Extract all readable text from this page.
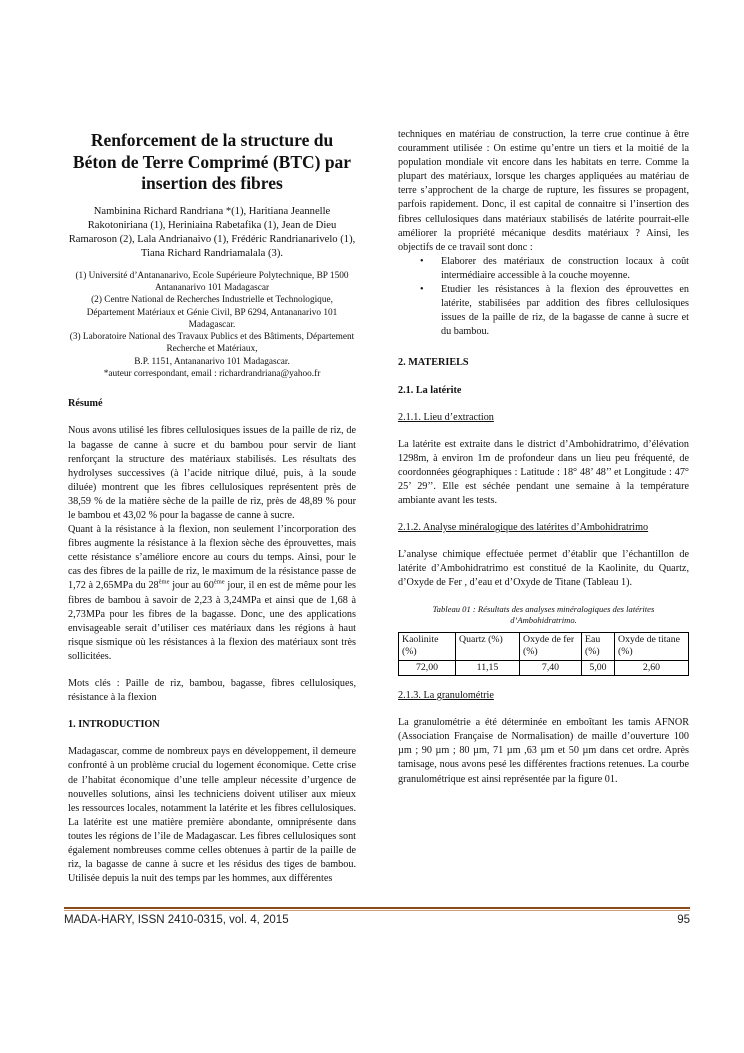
Renforcement de la structure du Béton de Terre Comprimé (BTC) par insertion des fibres

Nambinina Richard Randriana *(1), Haritiana Jeannelle Rakotoniriana (1), Heriniaina Rabetafika (1), Jean de Dieu Ramaroson (2), Lala Andrianaivo (1), Frédéric Randrianarivelo (1), Tiana Richard Randriamalala (3).

(1) Université d’Antananarivo, Ecole Supérieure Polytechnique, BP 1500 Antananarivo 101 Madagascar

(2) Centre National de Recherches Industrielle et Technologique, Département Matériaux et Génie Civil, BP 6294, Antananarivo 101 Madagascar.

(3) Laboratoire National des Travaux Publics et des Bâtiments, Département Recherche et Matériaux,

B.P. 1151, Antananarivo 101 Madagascar.

*auteur correspondant, email : richardrandriana@yahoo.fr

Résumé

Nous avons utilisé les fibres cellulosiques issues de la paille de riz, de la bagasse de canne à sucre et du bambou pour servir de liant renforçant la structure des matériaux stabilisés. Les résultats des hydrolyses successives (à l’acide nitrique dilué, puis, à la soude diluée) montrent que les fibres cellulosiques représentent près de 38,59 % de la matière sèche de la paille de riz, près de 48,89 % pour le bambou et 43,02 % pour la bagasse de canne à sucre.

Quant à la résistance à la flexion, non seulement l’incorporation des fibres augmente la résistance à la flexion sèche des éprouvettes, mais cette résistance s’améliore encore au cours du temps. Ainsi, pour le cas des fibres de la paille de riz, le maximum de la résistance passe de 1,72 à 2,65MPa du 28ème jour au 60ème jour, il en est de même pour les fibres de bambou à savoir de 2,23 à 3,24MPa et ainsi que de 1,68 à 2,73MPa pour les fibres de la bagasse. Donc, une des applications envisageable serait d’utiliser ces matériaux dans les régions à haut risque sismique où les résistances à la flexion des matériaux sont très sollicitées.

Mots clés : Paille de riz, bambou, bagasse, fibres cellulosiques, résistance à la flexion

1. INTRODUCTION

Madagascar, comme de nombreux pays en développement, il demeure confronté à un problème crucial du logement économique. Cette crise de l’habitat économique d’une telle ampleur nécessite d’urgence de nouvelles solutions, ainsi les techniciens doivent utiliser aux mieux les ressources locales, notamment la latérite et les fibres cellulosiques. La latérite est une matière première abondante, omniprésente dans toutes les régions de l’ile de Madagascar. Les fibres cellulosiques sont également nombreuses comme celles obtenues à partir de la paille de riz, la bagasse de canne à sucre et les résidus des tiges de bambou. Utilisée depuis la nuit des temps par les hommes, aux différentes

techniques en matériau de construction, la terre crue continue à être couramment utilisée : On estime qu’entre un tiers et la moitié de la population mondiale vit encore dans les habitats en terre. Comme la plupart des matériaux, lorsque les charges appliquées au matériau de terre s’approchent de la charge de rupture, les fissures se propagent, parfois rapidement. Donc, il est capital de connaitre si l’insertion des fibres cellulosiques dans matériaux stabilisés de latérite pourrait-elle améliorer la propriété mécanique desdits matériaux ? Ainsi, les objectifs de ce travail sont donc :

• Elaborer des matériaux de construction locaux à coût intermédiaire accessible à la couche moyenne.
• Etudier les résistances à la flexion des éprouvettes en latérite, stabilisées par addition des fibres cellulosiques issues de la paille de riz, de la bagasse de canne à sucre et du bambou.

2. MATERIELS

2.1. La latérite

2.1.1. Lieu d’extraction

La latérite est extraite dans le district d’Ambohidratrimo, d’élévation 1298m, à environ 1m de profondeur dans un lieu peu fréquenté, de coordonnées géographiques : Latitude : 18° 48’ 48’’ et Longitude : 47° 25’ 29’’. Elle est séchée pendant une semaine à la température ambiante avant les tests.

2.1.2. Analyse minéralogique des latérites d’Ambohidratrimo

L’analyse chimique effectuée permet d’établir que l’échantillon de latérite d’Ambohidratrimo est constitué de la Kaolinite, du Quartz, d’Oxyde de Fer , d’eau et d’Oxyde de Titane (Tableau 1).

Tableau 01 : Résultats des analyses minéralogiques des latérites d’Ambohidratrimo.

Kaolinite (%)	Quartz (%)	Oxyde de fer (%)	Eau (%)	Oxyde de titane (%)
72,00	11,15	7,40	5,00	2,60

2.1.3. La granulométrie

La granulométrie a été déterminée en emboîtant les tamis AFNOR (Association Française de Normalisation) de maille d’ouverture 100 µm ; 90 µm ; 80 µm, 71 µm ,63 µm et 50 µm dans cet ordre. Après tamisage, nous avons pesé les différentes fractions retenues. La courbe granulométrique est ainsi représentée par la figure 01.

MADA-HARY, ISSN 2410-0315, vol. 4, 2015	95
